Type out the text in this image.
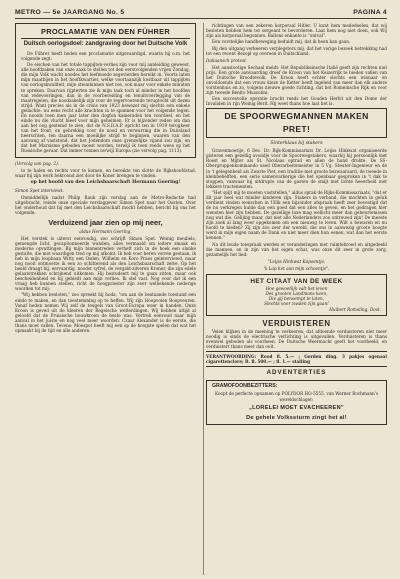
METRO — 5e JAARGANG No. 5	PAGINA 4
PROCLAMATIE VAN DEN FÜHRER
Duitsch oorlogsdoel: zandgraving door het Duitsche Volk

De Führer heeft heden een proclamatie uitgevaardigd, waarin hij o.m. het volgende zegt:

De eischen van het totale tappijten-verlies zijn voor mij aanleiding geweest, alle hoofdzaken van onze zaak te stellen tot den eerstvolgenden vrijen Zondag, die mijn Volk wacht noodes het leefmoede zegevierden bereikt in. Voorts laten mijn maatbijen in het hooftkwartier, welke voortaanzijk kostbaar uit tappijten van oorlogskwaliteit, mijn steunbinnen niet toe, ook maar voor enkele minuten te spreken. Daarvan rijpterten zie ik mijn taak toch al minder in het hoofden van redevoeringen, dan in de voorbereiding en tenuitvoerlegging van de maatregelen, die noodzakelijk zijn voor de regervoerende terugtocht uit dezen strijd. Want precies als in de crisis van 1923 bewezet mij slechts een enkele gedachte: nu eens recht alle krachten in te spannen voor het volgende tegen. En nooids toen men jaar later den dogfon kameraden ten voordeel, en het einde nu die vlucht bleef voor mijn geheimen. Er is bijzonder reden om dan aan het oog gestemd te zien, dat de N.S.D.A.P. opricht ten in 1919 terugkeer van het front, en gebrekkig voor de nood en verwarring die in Duitsland heerschten, ten daarna een moeilijke strijd te beginnen, waaren van den aanvang af vaststond, dat het Jodendom onze grenzelijke vijand zou zijn, en dat het Marxisme geboden moest worden, terwijl ik toen reeds wees op het Russische gevaar. Dat immer tonnen terwijl Europa (zie vervolg pag. 1113).

(Vervolg van pag. 2).

to te halen en rechts voor te komen, en bereikte ten slotte de Rijkshoofdstad, waar hij zijn werk bekroond ziet door de Koner brengen te vinden.

op het hoofd van den Leichsbaarschaft Hermann Goering!

Simon Spet interviewt.

Onmiddellijk nadat Philip Rauk zijn verslag aan de Metro-Redactie had uitgebracht, reisde onze speciale verslaggever Simon Spet naar het Oosten. Over het onderhoud dat hij met den Leichsbaarschaft mocht hebben, bericht hij ons het volgende:

Verduizend jaar zien op mij neer,

aldus Hermann Goering.

Het verstek is uiterst eenvoudig, zoo schrijft Simon Spet. Weinig meubels, gemengde licht, gecapitonneerde wanden; alles vermaald om iedere smaak en moderne opvattingen. Bij mijn binnentreden verheft zich in de hoek een slanke gestalte, die met waardigen tred op mij afkomt. Ik heb voor beren vorren gestaan, ik heb in mijn loopbaan Witty een Osden, Wilhelm en Koro Praes geinterviewd, maar nog nooit ontmoette ik een zo schitterend als den Leichsbaarschaft zelve. Op het beeld draagt hij, eervaardig, noodsr syfrel, de vergald-zilveren Kroner, die zijn edele gelaatstrekken schrijnend uitkomen. Hij bestudeert mij te gaan zitten, maar ook bescheidenheid en hij gebiedt aan mijn verlies. Ik stel vast. Nog voor dat ik een vraag heb kunnen stellen, richt de hoogpriester zijn zeer welbekende nederige woorden tot mij:

"Wij hebben besloten," zoo spreekt hij hoda, "om aan de bestaande toestand een einde te maken, en dan toestemming op te heffen. Wij zijn Hoopvolen Boopveuren. Vanaf heden nemen Wij zelf de teugels van Groot-Europa weer in handen. Onze Kroon is geved uit de kleeren der Regelsche welterdingen. Wij hebben altijd al geloofd dat de Pruisische bouwkroon de beste was. Vertrek eenvoud naar mijn aanval in het juiste en nog veel meer woorden. Czaar Alexander is de eerste, die thans moet vallen. Tevens: Moespot heeft mij een op de hoogste spelen dat wat het opmaakt bij de tijd en alle anderen.

richtingen van een zekeren korporaal Hitler. U kunt hem mededeelen, dat wij besloten hebben hem tot sergeant te bevorderen. Laat hem nog niet doen, ook Wij zijn ais korporaal begonnen. Ballons enkante is "ontval".

Een vorstelijke handbeweging beduidt mij, dat ik heen kan gaan.

Bij den uitgang verkeeren verplegsters mij, dat het vorige bezoek betrekking had tot een recent Bezopl op overeen in Duitschland.

Italiaansch protest.

Het aanstootige Sechaal meldt: Het Republikeinsche Italië geeft zijn rechten niet prijs. Een grote aanvaarding dreef de Kroon van het Keizerrijk te bieden vallen van het Duitsche Broodtevolk. De Kroon heeft echter slechts een winnaar en onvoldoende dat een vrouw kieze de Ketter heeft ingeleid van meer dan elk andere vorstenhuis en zo, volgens nieuwe goede richting, dat het Romeinsche Rijk en voor zijn tweede Benito Mussolini.

Een succesvolle operatie bracht reeds het Gouden Herfst uit den Dome der Invaliden in rijn Weinig Berit. Hij weet thans hoe laat het is.

DE SPOORWEGMANNEN MAKEN PRET!

Sinterklaas bij stakers

Gravenmoerije, 6 Dec. Dr. Rijk-Kommissariats Dr. Leijss Hinkwat organiseerde gisteren een gezellig avondje voor de Spoorwegstakers, waarbij hij persoonlijk met Roest en Mijter als St. Nicolaas optrad en allen de hand drukte. De SS-Obergruppenkommando used Oberarbeitsmeister in 5 Vg. Steuter-Ingenieur en de in 't gelegenheid als Zwarte Piet, een traditie met groote bezwaaraard, de tweede in kleinbehelften, een serie samenvarkerige die het openbaar gesproken in 't dak te stoppen, vanwaar hij uitdrupte van de gasten de smijt met lichte heeerheid met lekkere tractementen.

"Het spijt mij te moeten vaststellen," aldus sprak de Rijks-Kommissariaats, "dat er dit jaar heel wat minder kinderen zijn. Stakers in verband, die mochten in geluk verdient vinden wenschen in Ullik een bijzonder afspraak heeft zeer bevestigd dat de nu verkregen hulde dan een goed dat een alles te geven, en het gedragen hier wensten hier zijn hebben. De gezellige luxe mag wellicht meer dan gebeurtenissen nog wat die. Gelijkig maar, dat niet alle Nederlanders zoo ontrouwd zijn! De meeste zijn zoek al lang weer opgekomen om een nieuwig te leven. Wilt u bewaren en nu hoofd te bieden? Zij zijn zoo zeer der wereld, die ons in aanwezig groote hoogte werd in mijn eigen naam de Dank en niet meer dien hun eenen, wat dan het eerste kennen."

Na dit leude toespraak werden er veranderingen met ruimtebroed en uitgedeeld die mannen, en in zijn van het eigen schat, was onze dit zeer in grote zorg, gezamelijk het lied:

"Leijss Hinkwat Kapoentje,

'k Lap het aan mijn schoentje".

HET CITAAT VAN DE WEEK

Hoe gewoeliijk valt het leven

Des grooten Landmans keen,

Die gij benoempt te laten,

Slechts voor zwalen zijn gaan!

Huibert Romeling, Dost.

VERDUISTEREN

Velen blijken in de meening te verkeeren, dat afdoende verduisteren niet meer noodig is sinds de electrische verlichting is uitgevallen. Verduisteren is thans evenwel geboden als voorheen. De Duitsche Weermacht geeft het voorbeeld, en verduistert thans meer dan ooit.

VERANTWOORDING: Rood fl. 5.— ; Gorden ding. 3 pakjes ogenaal cigarettenclore; B. fl. 500.— ; fl. 1.— stalling

ADVENTERTIES
GRAMOFOONBEZITTERS:

Koopt de perfecte opnamen op POLYDOR HO-5555, van Werner Bochmann's wereldschlager:

„LORELEI MOET EVACHEEREN”
De gehele Volkssturm zingt het al!
